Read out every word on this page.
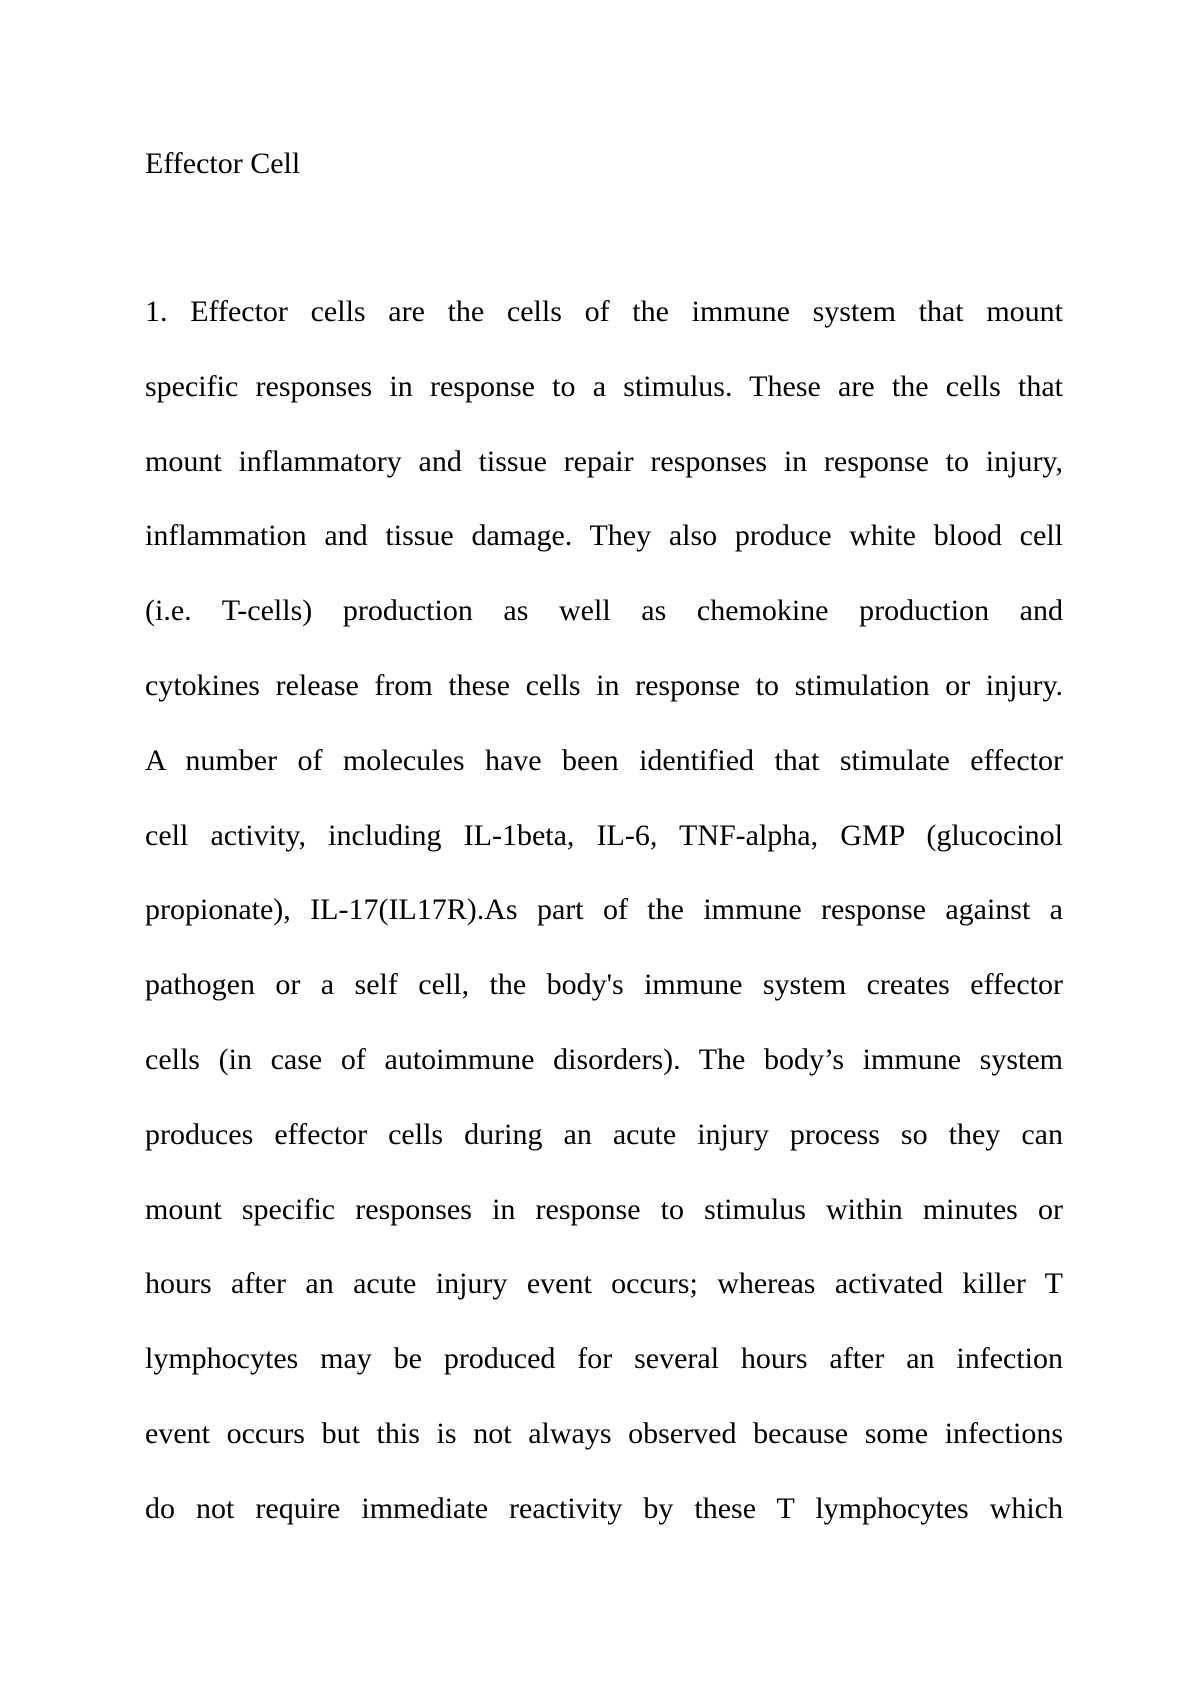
Effector Cell
1. Effector cells are the cells of the immune system that mount
specific responses in response to a stimulus. These are the cells that
mount inflammatory and tissue repair responses in response to injury,
inflammation and tissue damage. They also produce white blood cell
(i.e. T-cells) production as well as chemokine production and
cytokines release from these cells in response to stimulation or injury.
A number of molecules have been identified that stimulate effector
cell activity, including IL-1beta, IL-6, TNF-alpha, GMP (glucocinol
propionate), IL-17(IL17R).As part of the immune response against a
pathogen or a self cell, the body's immune system creates effector
cells (in case of autoimmune disorders). The body’s immune system
produces effector cells during an acute injury process so they can
mount specific responses in response to stimulus within minutes or
hours after an acute injury event occurs; whereas activated killer T
lymphocytes may be produced for several hours after an infection
event occurs but this is not always observed because some infections
do not require immediate reactivity by these T lymphocytes which
